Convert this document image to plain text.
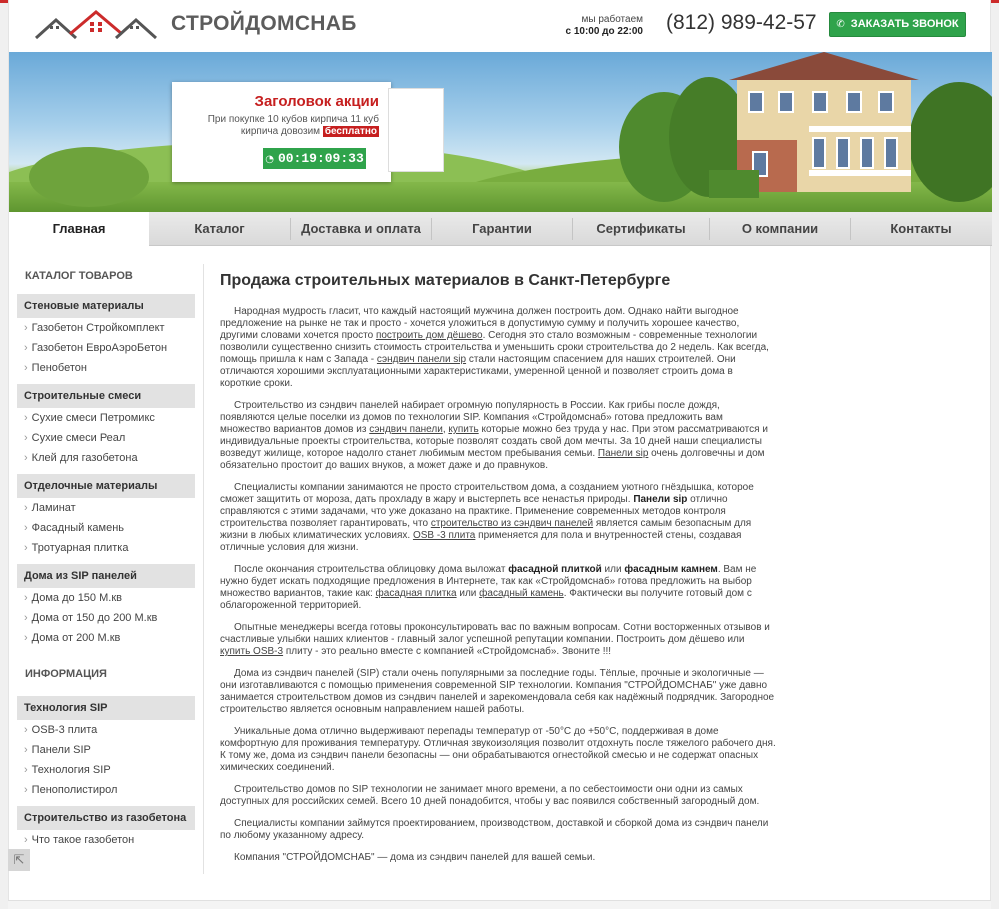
СТРОЙДОМСНАБ	мы работаем
с 10:00 до 22:00 (812) 989-42-57	✆ ЗАКАЗАТЬ ЗВОНОК
Заголовок акции
При покупке 10 кубов кирпича 11 куб
кирпича довозим бесплатно
◔ 00:19:09:33
Главная	Каталог	Доставка и оплата	Гарантии	Сертификаты	О компании	Контакты
КАТАЛОГ ТОВАРОВ
Стеновые материалы
› Газобетон Стройкомплект
› Газобетон ЕвроАэроБетон
› Пенобетон
Строительные смеси
› Сухие смеси Петромикс
› Сухие смеси Реал
› Клей для газобетона
Отделочные материалы
› Ламинат
› Фасадный камень
› Тротуарная плитка
Дома из SIP панелей
› Дома до 150 М.кв
› Дома от 150 до 200 М.кв
› Дома от 200 М.кв
ИНФОРМАЦИЯ
Технология SIP
› OSB-3 плита
› Панели SIP
› Технология SIP
› Пенополистирол
Строительство из газобетона
› Что такое газобетон
Продажа строительных материалов в Санкт-Петербурге

Народная мудрость гласит, что каждый настоящий мужчина должен построить дом. Однако найти выгодное предложение на рынке не так и просто - хочется уложиться в допустимую сумму и получить хорошее качество, другими словами хочется просто построить дом дёшево. Сегодня это стало возможным - современные технологии позволили существенно снизить стоимость строительства и уменьшить сроки строительства до 2 недель. Как всегда, помощь пришла к нам с Запада - сэндвич панели sip стали настоящим спасением для наших строителей. Они отличаются хорошими эксплуатационными характеристиками, умеренной ценной и позволяет строить дома в короткие сроки.

Строительство из сэндвич панелей набирает огромную популярность в России. Как грибы после дождя, появляются целые поселки из домов по технологии SIP. Компания «Стройдомснаб» готова предложить вам множество вариантов домов из сэндвич панели, купить которые можно без труда у нас. При этом рассматриваются и индивидуальные проекты строительства, которые позволят создать свой дом мечты. За 10 дней наши специалисты возведут жилище, которое надолго станет любимым местом пребывания семьи. Панели sip очень долговечны и дом обязательно простоит до ваших внуков, а может даже и до правнуков.

Специалисты компании занимаются не просто строительством дома, а созданием уютного гнёздышка, которое сможет защитить от мороза, дать прохладу в жару и выстерпеть все ненастья природы. Панели sip отлично справляются с этими задачами, что уже доказано на практике. Применение современных методов контроля строительства позволяет гарантировать, что строительство из сэндвич панелей является самым безопасным для жизни в любых климатических условиях. OSB -3 плита применяется для пола и внутренностей стены, создавая отличные условия для жизни.

После окончания строительства облицовку дома выложат фасадной плиткой или фасадным камнем. Вам не нужно будет искать подходящие предложения в Интернете, так как «Стройдомснаб» готова предложить на выбор множество вариантов, такие как: фасадная плитка или фасадный камень. Фактически вы получите готовый дом с облагороженной территорией.

Опытные менеджеры всегда готовы проконсультировать вас по важным вопросам. Сотни восторженных отзывов и счастливые улыбки наших клиентов - главный залог успешной репутации компании. Построить дом дёшево или купить OSB-3 плиту - это реально вместе с компанией «Стройдомснаб». Звоните !!!

Дома из сэндвич панелей (SIP) стали очень популярными за последние годы. Тёплые, прочные и экологичные — они изготавливаются с помощью применения современной SIP технологии. Компания "СТРОЙДОМСНАБ" уже давно занимается строительством домов из сэндвич панелей и зарекомендовала себя как надёжный подрядчик. Загородное строительство является основным направлением нашей работы.

Уникальные дома отлично выдерживают перепады температур от -50°C до +50°C, поддерживая в доме комфортную для проживания температуру. Отличная звукоизоляция позволит отдохнуть после тяжелого рабочего дня. К тому же, дома из сэндвич панели безопасны — они обрабатываются огнестойкой смесью и не содержат опасных химических соединений.

Строительство домов по SIP технологии не занимает много времени, а по себестоимости они одни из самых доступных для российских семей. Всего 10 дней понадобится, чтобы у вас появился собственный загородный дом.

Специалисты компании займутся проектированием, производством, доставкой и сборкой дома из сэндвич панели по любому указанному адресу.

Компания "СТРОЙДОМСНАБ" — дома из сэндвич панелей для вашей семьи.

⇱
